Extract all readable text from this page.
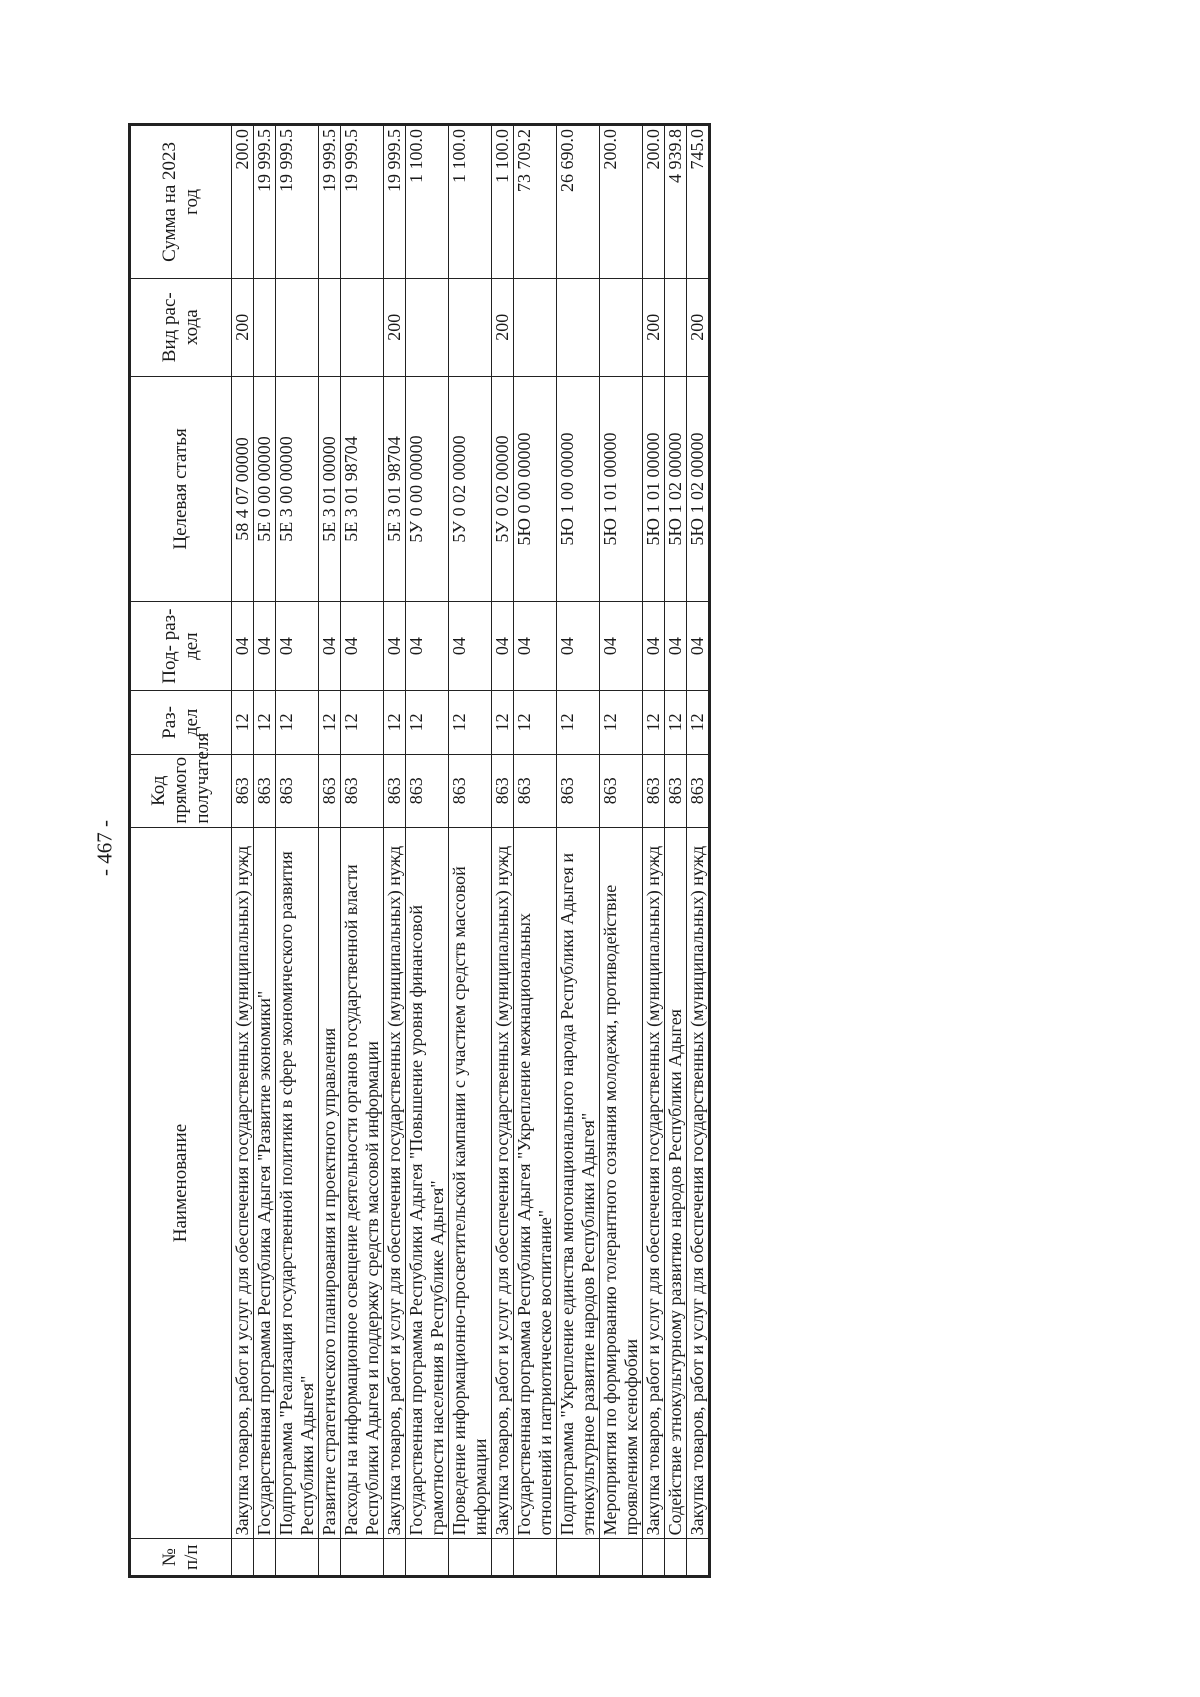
- 467 -
№ п/п	Наименование	Код прямого получателя	Раз- дел	Под- раз- дел	Целевая статья	Вид рас- хода	Сумма на 2023 год
	Закупка товаров, работ и услуг для обеспечения государственных (муниципальных) нужд	863	12	04	58 4 07 00000	200	200.0
	Государственная программа Республика Адыгея "Развитие экономики"	863	12	04	5Е 0 00 00000		19 999.5
	Подпрограмма "Реализация государственной политики в сфере экономического развития Республики Адыгея"	863	12	04	5Е 3 00 00000		19 999.5
	Развитие стратегического планирования и проектного управления	863	12	04	5Е 3 01 00000		19 999.5
	Расходы на информационное освещение деятельности органов государственной власти Республики Адыгея и поддержку средств массовой информации	863	12	04	5Е 3 01 98704		19 999.5
	Закупка товаров, работ и услуг для обеспечения государственных (муниципальных) нужд	863	12	04	5Е 3 01 98704	200	19 999.5
	Государственная программа Республики Адыгея "Повышение уровня финансовой грамотности населения в Республике Адыгея"	863	12	04	5У 0 00 00000		1 100.0
	Проведение информационно-просветительской кампании с участием средств массовой информации	863	12	04	5У 0 02 00000		1 100.0
	Закупка товаров, работ и услуг для обеспечения государственных (муниципальных) нужд	863	12	04	5У 0 02 00000	200	1 100.0
	Государственная программа Республики Адыгея "Укрепление межнациональных отношений и патриотическое воспитание"	863	12	04	5Ю 0 00 00000		73 709.2
	Подпрограмма "Укрепление единства многонационального народа Республики Адыгея и этнокультурное развитие народов Республики Адыгея"	863	12	04	5Ю 1 00 00000		26 690.0
	Мероприятия по формированию толерантного сознания молодежи, противодействие проявлениям ксенофобии	863	12	04	5Ю 1 01 00000		200.0
	Закупка товаров, работ и услуг для обеспечения государственных (муниципальных) нужд	863	12	04	5Ю 1 01 00000	200	200.0
	Содействие этнокультурному развитию народов Республики Адыгея	863	12	04	5Ю 1 02 00000		4 939.8
	Закупка товаров, работ и услуг для обеспечения государственных (муниципальных) нужд	863	12	04	5Ю 1 02 00000	200	745.0
